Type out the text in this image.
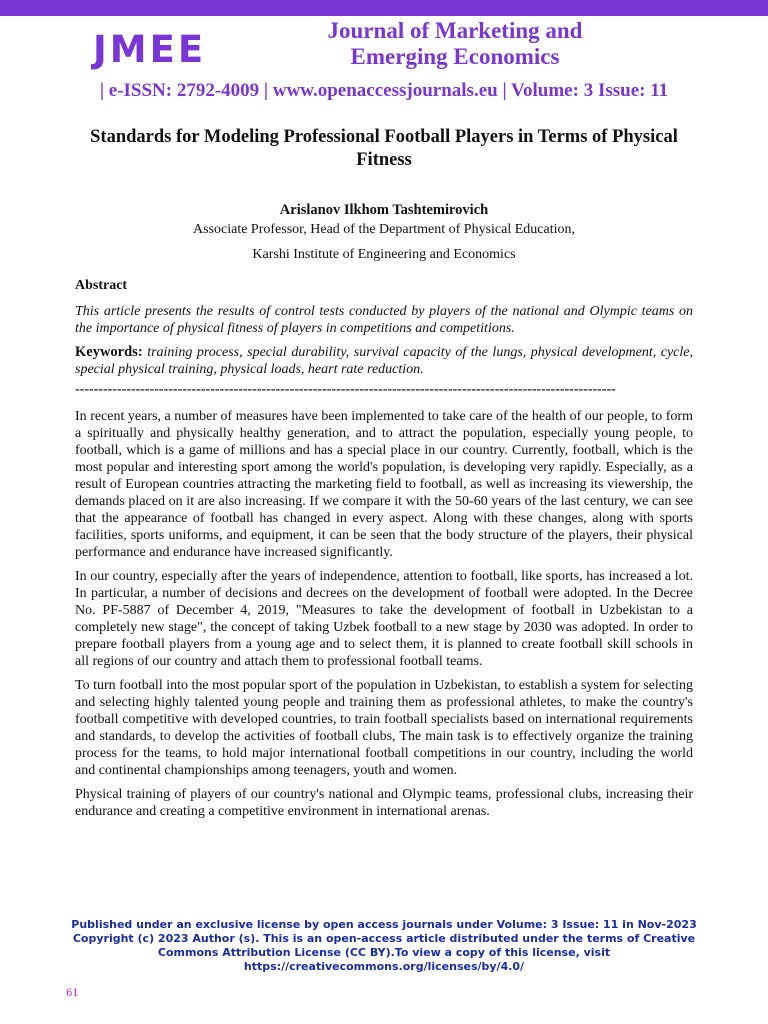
JMEE	Journal of Marketing and
Emerging Economics
| e-ISSN: 2792-4009 | www.openaccessjournals.eu | Volume: 3 Issue: 11
Standards for Modeling Professional Football Players in Terms of Physical Fitness
Arislanov Ilkhom Tashtemirovich
Associate Professor, Head of the Department of Physical Education,
Karshi Institute of Engineering and Economics
Abstract
This article presents the results of control tests conducted by players of the national and Olympic teams on the importance of physical fitness of players in competitions and competitions.
Keywords: training process, special durability, survival capacity of the lungs, physical development, cycle, special physical training, physical loads, heart rate reduction.
--------------------------------------------------------------------------------------------------------------------

In recent years, a number of measures have been implemented to take care of the health of our people, to form a spiritually and physically healthy generation, and to attract the population, especially young people, to football, which is a game of millions and has a special place in our country. Currently, football, which is the most popular and interesting sport among the world's population, is developing very rapidly. Especially, as a result of European countries attracting the marketing field to football, as well as increasing its viewership, the demands placed on it are also increasing. If we compare it with the 50-60 years of the last century, we can see that the appearance of football has changed in every aspect. Along with these changes, along with sports facilities, sports uniforms, and equipment, it can be seen that the body structure of the players, their physical performance and endurance have increased significantly.

In our country, especially after the years of independence, attention to football, like sports, has increased a lot. In particular, a number of decisions and decrees on the development of football were adopted. In the Decree No. PF-5887 of December 4, 2019, "Measures to take the development of football in Uzbekistan to a completely new stage", the concept of taking Uzbek football to a new stage by 2030 was adopted. In order to prepare football players from a young age and to select them, it is planned to create football skill schools in all regions of our country and attach them to professional football teams.

To turn football into the most popular sport of the population in Uzbekistan, to establish a system for selecting and selecting highly talented young people and training them as professional athletes, to make the country's football competitive with developed countries, to train football specialists based on international requirements and standards, to develop the activities of football clubs, The main task is to effectively organize the training process for the teams, to hold major international football competitions in our country, including the world and continental championships among teenagers, youth and women.

Physical training of players of our country's national and Olympic teams, professional clubs, increasing their endurance and creating a competitive environment in international arenas.

Published under an exclusive license by open access journals under Volume: 3 Issue: 11 in Nov-2023
Copyright (c) 2023 Author (s). This is an open-access article distributed under the terms of Creative
Commons Attribution License (CC BY).To view a copy of this license, visit
https://creativecommons.org/licenses/by/4.0/
61
